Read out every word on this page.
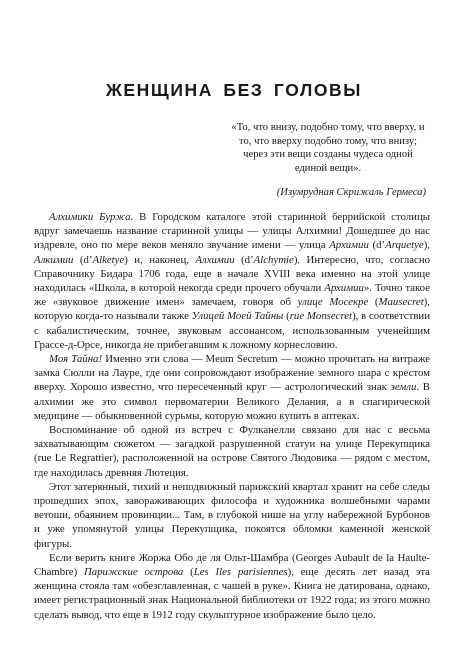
ЖЕНЩИНА БЕЗ ГОЛОВЫ
«То, что внизу, подобно тому, что вверху, и то, что вверху подобно тому, что внизу; через эти вещи созданы чудеса одной единой вещи».
(Изумрудная Скрижаль Гермеса)

Алхимики Буржа. В Городском каталоге этой старинной беррийской столицы вдруг замечаешь название старинной улицы — улицы Алхимии! Дошедшее до нас издревле, оно по мере веков меняло звучание имени — улица Архимии (d’Arquetye), Алкимии (d’Alketye) и, наконец, Алхимии (d’Alchymie). Интересно, что, согласно Справочнику Бидара 1706 года, еще в начале XVIII века именно на этой улице находилась «Школа, в которой некогда среди прочего обучали Архимии». Точно такое же «звуковое движение имен» замечаем, говоря об улице Мосекре (Mausecret), которую когда-то называли также Улицей Моей Тайны (rue Monsecret), в соответствии с кабалистическим, точнее, звуковым ассонансом, использованным ученейшим Грассе-д-Орсе, никогда не прибегавшим к ложному корнесловию.

Моя Тайна! Именно эти слова — Meum Secretum — можно прочитать на витраже замка Сюлли на Лауре, где они сопровождают изображение земного шара с крестом вверху. Хорошо известно, что пересеченный круг — астрологический знак земли. В алхимии же это символ первоматерии Великого Делания, а в спагирической медицине — обыкновенной сурьмы, которую можно купить в аптеках.

Воспоминание об одной из встреч с Фулканелли связано для нас с весьма захватывающим сюжетом — загадкой разрушенной статуи на улице Перекупщика (rue Le Regrattier), расположенной на острове Святого Людовика — рядом с местом, где находилась древняя Лютеция.

Этот затерянный, тихий и неподвижный парижский квартал хранит на себе следы прошедших эпох, завораживающих философа и художника волшебными чарами ветоши, обаянием провинции... Там, в глубокой нише на углу набережной Бурбонов и уже упомянутой улицы Перекупщика, покоятся обломки каменной женской фигуры.

Если верить книге Жоржа Обо де ля Ольт-Шамбра (Georges Aubault de la Haulte-Chambre) Парижские острова (Les Iles parisiennes), еще десять лет назад эта женщина стояла там «обезглавленная, с чашей в руке». Книга не датирована, однако, имеет регистрационный знак Национальной библиотеки от 1922 года; из этого можно сделать вывод, что еще в 1912 году скульптурное изображение было цело.
